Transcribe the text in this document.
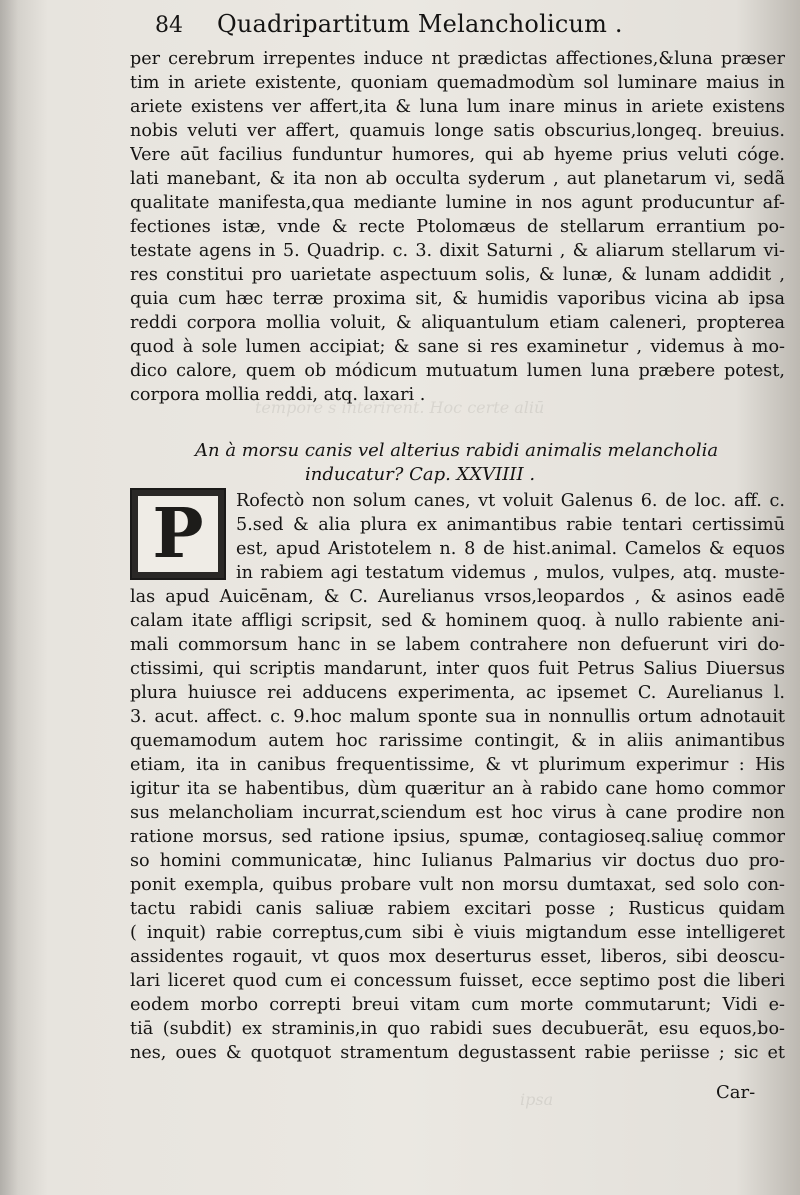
tempore s interirent. Hoc certe aliū
ipsa
84 Quadripartitum Melancholicum .
per cerebrum irrepentes induce nt prædictas affectiones,&luna præser
tim in ariete existente, quoniam quemadmodùm sol luminare maius in
ariete existens ver affert,ita & luna lum inare minus in ariete existens
nobis veluti ver affert, quamuis longe satis obscurius,longeq. breuius.
Vere aūt facilius funduntur humores, qui ab hyeme prius veluti cóge.
lati manebant, & ita non ab occulta syderum , aut planetarum vi, sedã
qualitate manifesta,qua mediante lumine in nos agunt producuntur af-
fectiones istæ, vnde & recte Ptolomæus de stellarum errantium po-
testate agens in 5. Quadrip. c. 3. dixit Saturni , & aliarum stellarum vi-
res constitui pro uarietate aspectuum solis, & lunæ, & lunam addidit ,
quia cum hæc terræ proxima sit, & humidis vaporibus vicina ab ipsa
reddi corpora mollia voluit, & aliquantulum etiam caleneri, propterea
quod à sole lumen accipiat; & sane si res examinetur , videmus à mo-
dico calore, quem ob módicum mutuatum lumen luna præbere potest,
corpora mollia reddi, atq. laxari .
An à morsu canis vel alterius rabidi animalis melancholia
inducatur? Cap. XXVIIII .
P	Rofectò non solum canes, vt voluit Galenus 6. de loc. aff. c.
5.sed & alia plura ex animantibus rabie tentari certissimū
est, apud Aristotelem n. 8 de hist.animal. Camelos & equos
in rabiem agi testatum videmus , mulos, vulpes, atq. muste-
las apud Auicēnam, & C. Aurelianus vrsos,leopardos , & asinos eadē
calam itate affligi scripsit, sed & hominem quoq. à nullo rabiente ani-
mali commorsum hanc in se labem contrahere non defuerunt viri do-
ctissimi, qui scriptis mandarunt, inter quos fuit Petrus Salius Diuersus
plura huiusce rei adducens experimenta, ac ipsemet C. Aurelianus l.
3. acut. affect. c. 9.hoc malum sponte sua in nonnullis ortum adnotauit
quemamodum autem hoc rarissime contingit, & in aliis animantibus
etiam, ita in canibus frequentissime, & vt plurimum experimur : His
igitur ita se habentibus, dùm quæritur an à rabido cane homo commor
sus melancholiam incurrat,sciendum est hoc virus à cane prodire non
ratione morsus, sed ratione ipsius, spumæ, contagioseq.saliuę commor
so homini communicatæ, hinc Iulianus Palmarius vir doctus duo pro-
ponit exempla, quibus probare vult non morsu dumtaxat, sed solo con-
tactu rabidi canis saliuæ rabiem excitari posse ; Rusticus quidam
( inquit) rabie correptus,cum sibi è viuis migtandum esse intelligeret
assidentes rogauit, vt quos mox deserturus esset, liberos, sibi deoscu-
lari liceret quod cum ei concessum fuisset, ecce septimo post die liberi
eodem morbo correpti breui vitam cum morte commutarunt; Vidi e-
tiā (subdit) ex straminis,in quo rabidi sues decubuerāt, esu equos,bo-
nes, oues & quotquot stramentum degustassent rabie periisse ; sic et
Car-
